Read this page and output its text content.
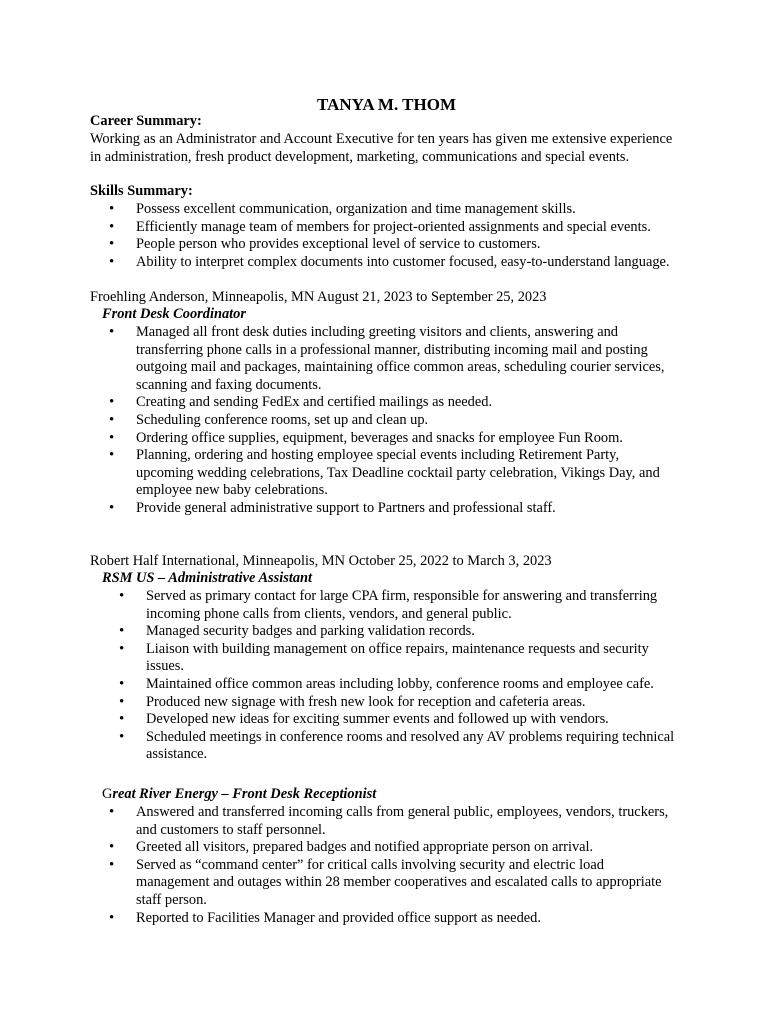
TANYA M. THOM
Career Summary:
Working as an Administrator and Account Executive for ten years has given me extensive experience
in administration, fresh product development, marketing, communications and special events.
Skills Summary:
• Possess excellent communication, organization and time management skills.
• Efficiently manage team of members for project-oriented assignments and special events.
• People person who provides exceptional level of service to customers.
• Ability to interpret complex documents into customer focused, easy-to-understand language.
Froehling Anderson, Minneapolis, MN August 21, 2023 to September 25, 2023
Front Desk Coordinator
• Managed all front desk duties including greeting visitors and clients, answering and transferring phone calls in a professional manner, distributing incoming mail and posting outgoing mail and packages, maintaining office common areas, scheduling courier services, scanning and faxing documents.
• Creating and sending FedEx and certified mailings as needed.
• Scheduling conference rooms, set up and clean up.
• Ordering office supplies, equipment, beverages and snacks for employee Fun Room.
• Planning, ordering and hosting employee special events including Retirement Party, upcoming wedding celebrations, Tax Deadline cocktail party celebration, Vikings Day, and employee new baby celebrations.
• Provide general administrative support to Partners and professional staff.
Robert Half International, Minneapolis, MN October 25, 2022 to March 3, 2023
RSM US – Administrative Assistant
• Served as primary contact for large CPA firm, responsible for answering and transferring incoming phone calls from clients, vendors, and general public.
• Managed security badges and parking validation records.
• Liaison with building management on office repairs, maintenance requests and security issues.
• Maintained office common areas including lobby, conference rooms and employee cafe.
• Produced new signage with fresh new look for reception and cafeteria areas.
• Developed new ideas for exciting summer events and followed up with vendors.
• Scheduled meetings in conference rooms and resolved any AV problems requiring technical assistance.
Great River Energy – Front Desk Receptionist
• Answered and transferred incoming calls from general public, employees, vendors, truckers, and customers to staff personnel.
• Greeted all visitors, prepared badges and notified appropriate person on arrival.
• Served as “command center” for critical calls involving security and electric load management and outages within 28 member cooperatives and escalated calls to appropriate staff person.
• Reported to Facilities Manager and provided office support as needed.
